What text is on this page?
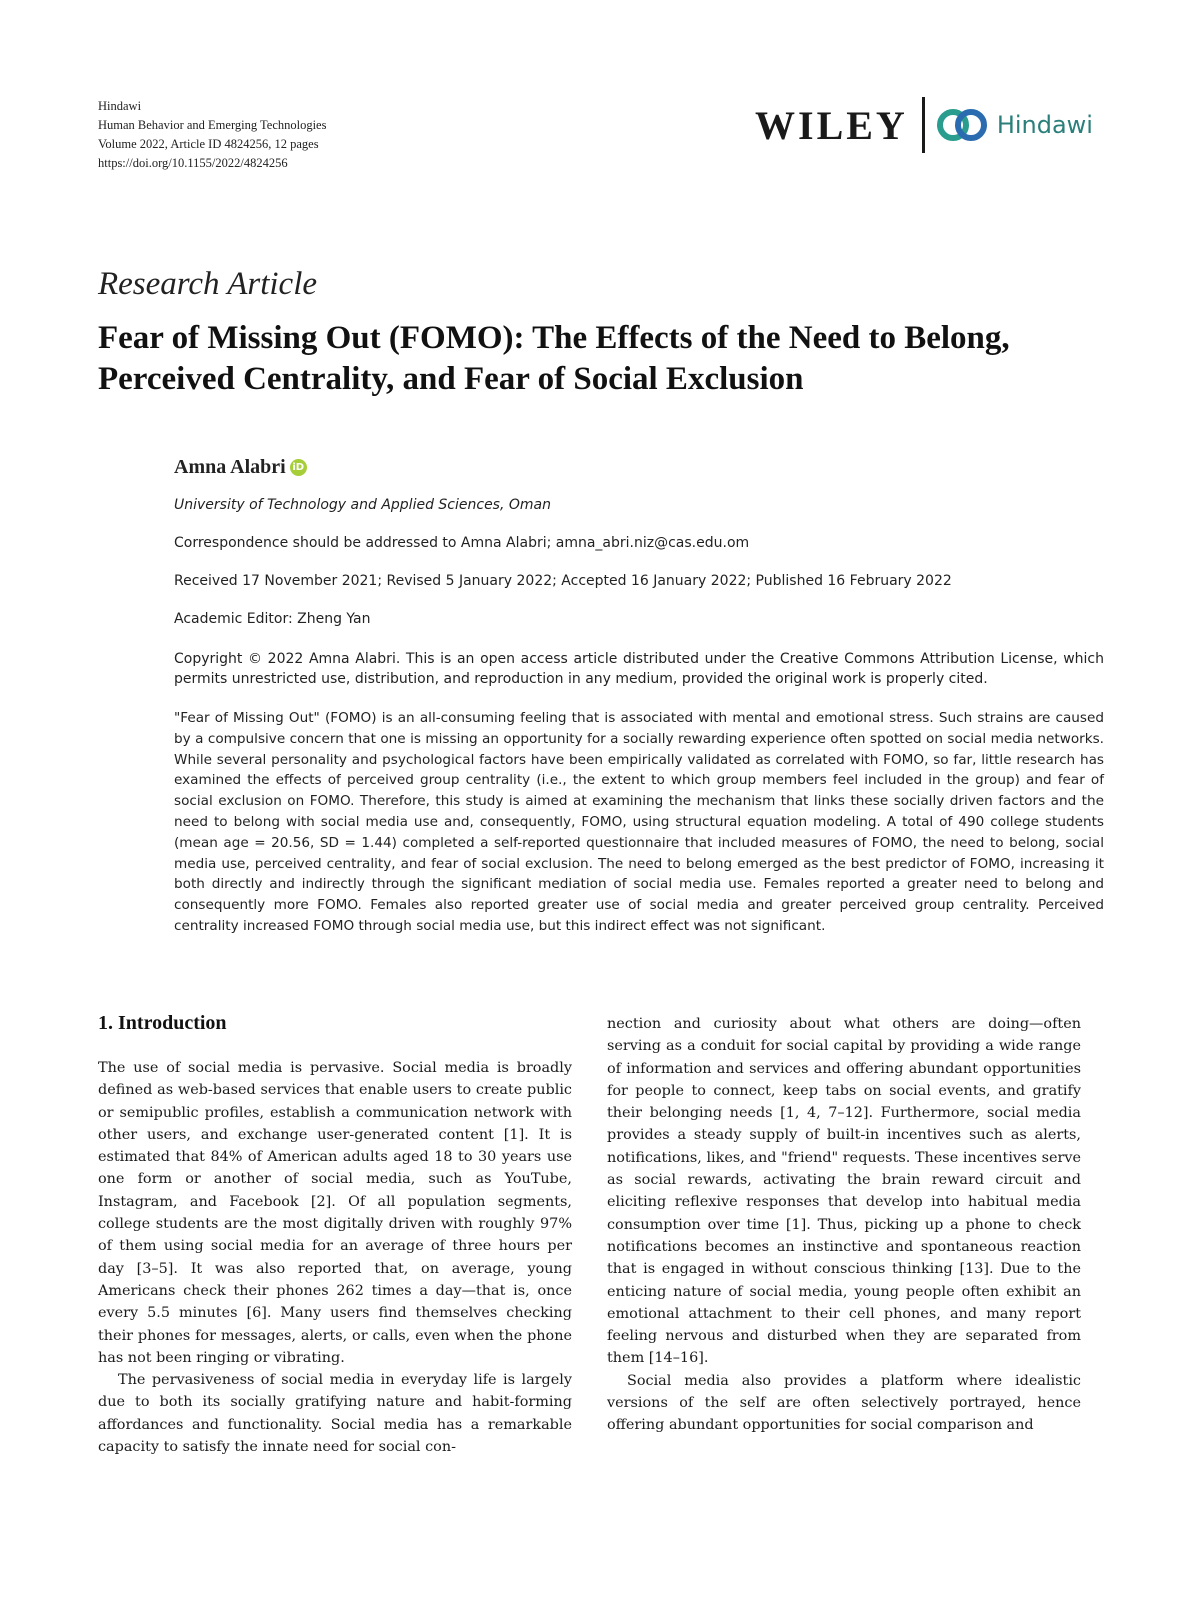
Hindawi
Human Behavior and Emerging Technologies
Volume 2022, Article ID 4824256, 12 pages
https://doi.org/10.1155/2022/4824256
WILEY	Hindawi
Research Article
Fear of Missing Out (FOMO): The Effects of the Need to Belong, Perceived Centrality, and Fear of Social Exclusion
Amna Alabri iD
University of Technology and Applied Sciences, Oman
Correspondence should be addressed to Amna Alabri; amna_abri.niz@cas.edu.om
Received 17 November 2021; Revised 5 January 2022; Accepted 16 January 2022; Published 16 February 2022
Academic Editor: Zheng Yan
Copyright © 2022 Amna Alabri. This is an open access article distributed under the Creative Commons Attribution License, which permits unrestricted use, distribution, and reproduction in any medium, provided the original work is properly cited.
"Fear of Missing Out" (FOMO) is an all-consuming feeling that is associated with mental and emotional stress. Such strains are caused by a compulsive concern that one is missing an opportunity for a socially rewarding experience often spotted on social media networks. While several personality and psychological factors have been empirically validated as correlated with FOMO, so far, little research has examined the effects of perceived group centrality (i.e., the extent to which group members feel included in the group) and fear of social exclusion on FOMO. Therefore, this study is aimed at examining the mechanism that links these socially driven factors and the need to belong with social media use and, consequently, FOMO, using structural equation modeling. A total of 490 college students (mean age = 20.56, SD = 1.44) completed a self-reported questionnaire that included measures of FOMO, the need to belong, social media use, perceived centrality, and fear of social exclusion. The need to belong emerged as the best predictor of FOMO, increasing it both directly and indirectly through the significant mediation of social media use. Females reported a greater need to belong and consequently more FOMO. Females also reported greater use of social media and greater perceived group centrality. Perceived centrality increased FOMO through social media use, but this indirect effect was not significant.
1. Introduction

The use of social media is pervasive. Social media is broadly defined as web-based services that enable users to create public or semipublic profiles, establish a communication network with other users, and exchange user-generated content [1]. It is estimated that 84% of American adults aged 18 to 30 years use one form or another of social media, such as YouTube, Instagram, and Facebook [2]. Of all population segments, college students are the most digitally driven with roughly 97% of them using social media for an average of three hours per day [3–5]. It was also reported that, on average, young Americans check their phones 262 times a day—that is, once every 5.5 minutes [6]. Many users find themselves checking their phones for messages, alerts, or calls, even when the phone has not been ringing or vibrating.

The pervasiveness of social media in everyday life is largely due to both its socially gratifying nature and habit-forming affordances and functionality. Social media has a remarkable capacity to satisfy the innate need for social con-

nection and curiosity about what others are doing—often serving as a conduit for social capital by providing a wide range of information and services and offering abundant opportunities for people to connect, keep tabs on social events, and gratify their belonging needs [1, 4, 7–12]. Furthermore, social media provides a steady supply of built-in incentives such as alerts, notifications, likes, and "friend" requests. These incentives serve as social rewards, activating the brain reward circuit and eliciting reflexive responses that develop into habitual media consumption over time [1]. Thus, picking up a phone to check notifications becomes an instinctive and spontaneous reaction that is engaged in without conscious thinking [13]. Due to the enticing nature of social media, young people often exhibit an emotional attachment to their cell phones, and many report feeling nervous and disturbed when they are separated from them [14–16].

Social media also provides a platform where idealistic versions of the self are often selectively portrayed, hence offering abundant opportunities for social comparison and
